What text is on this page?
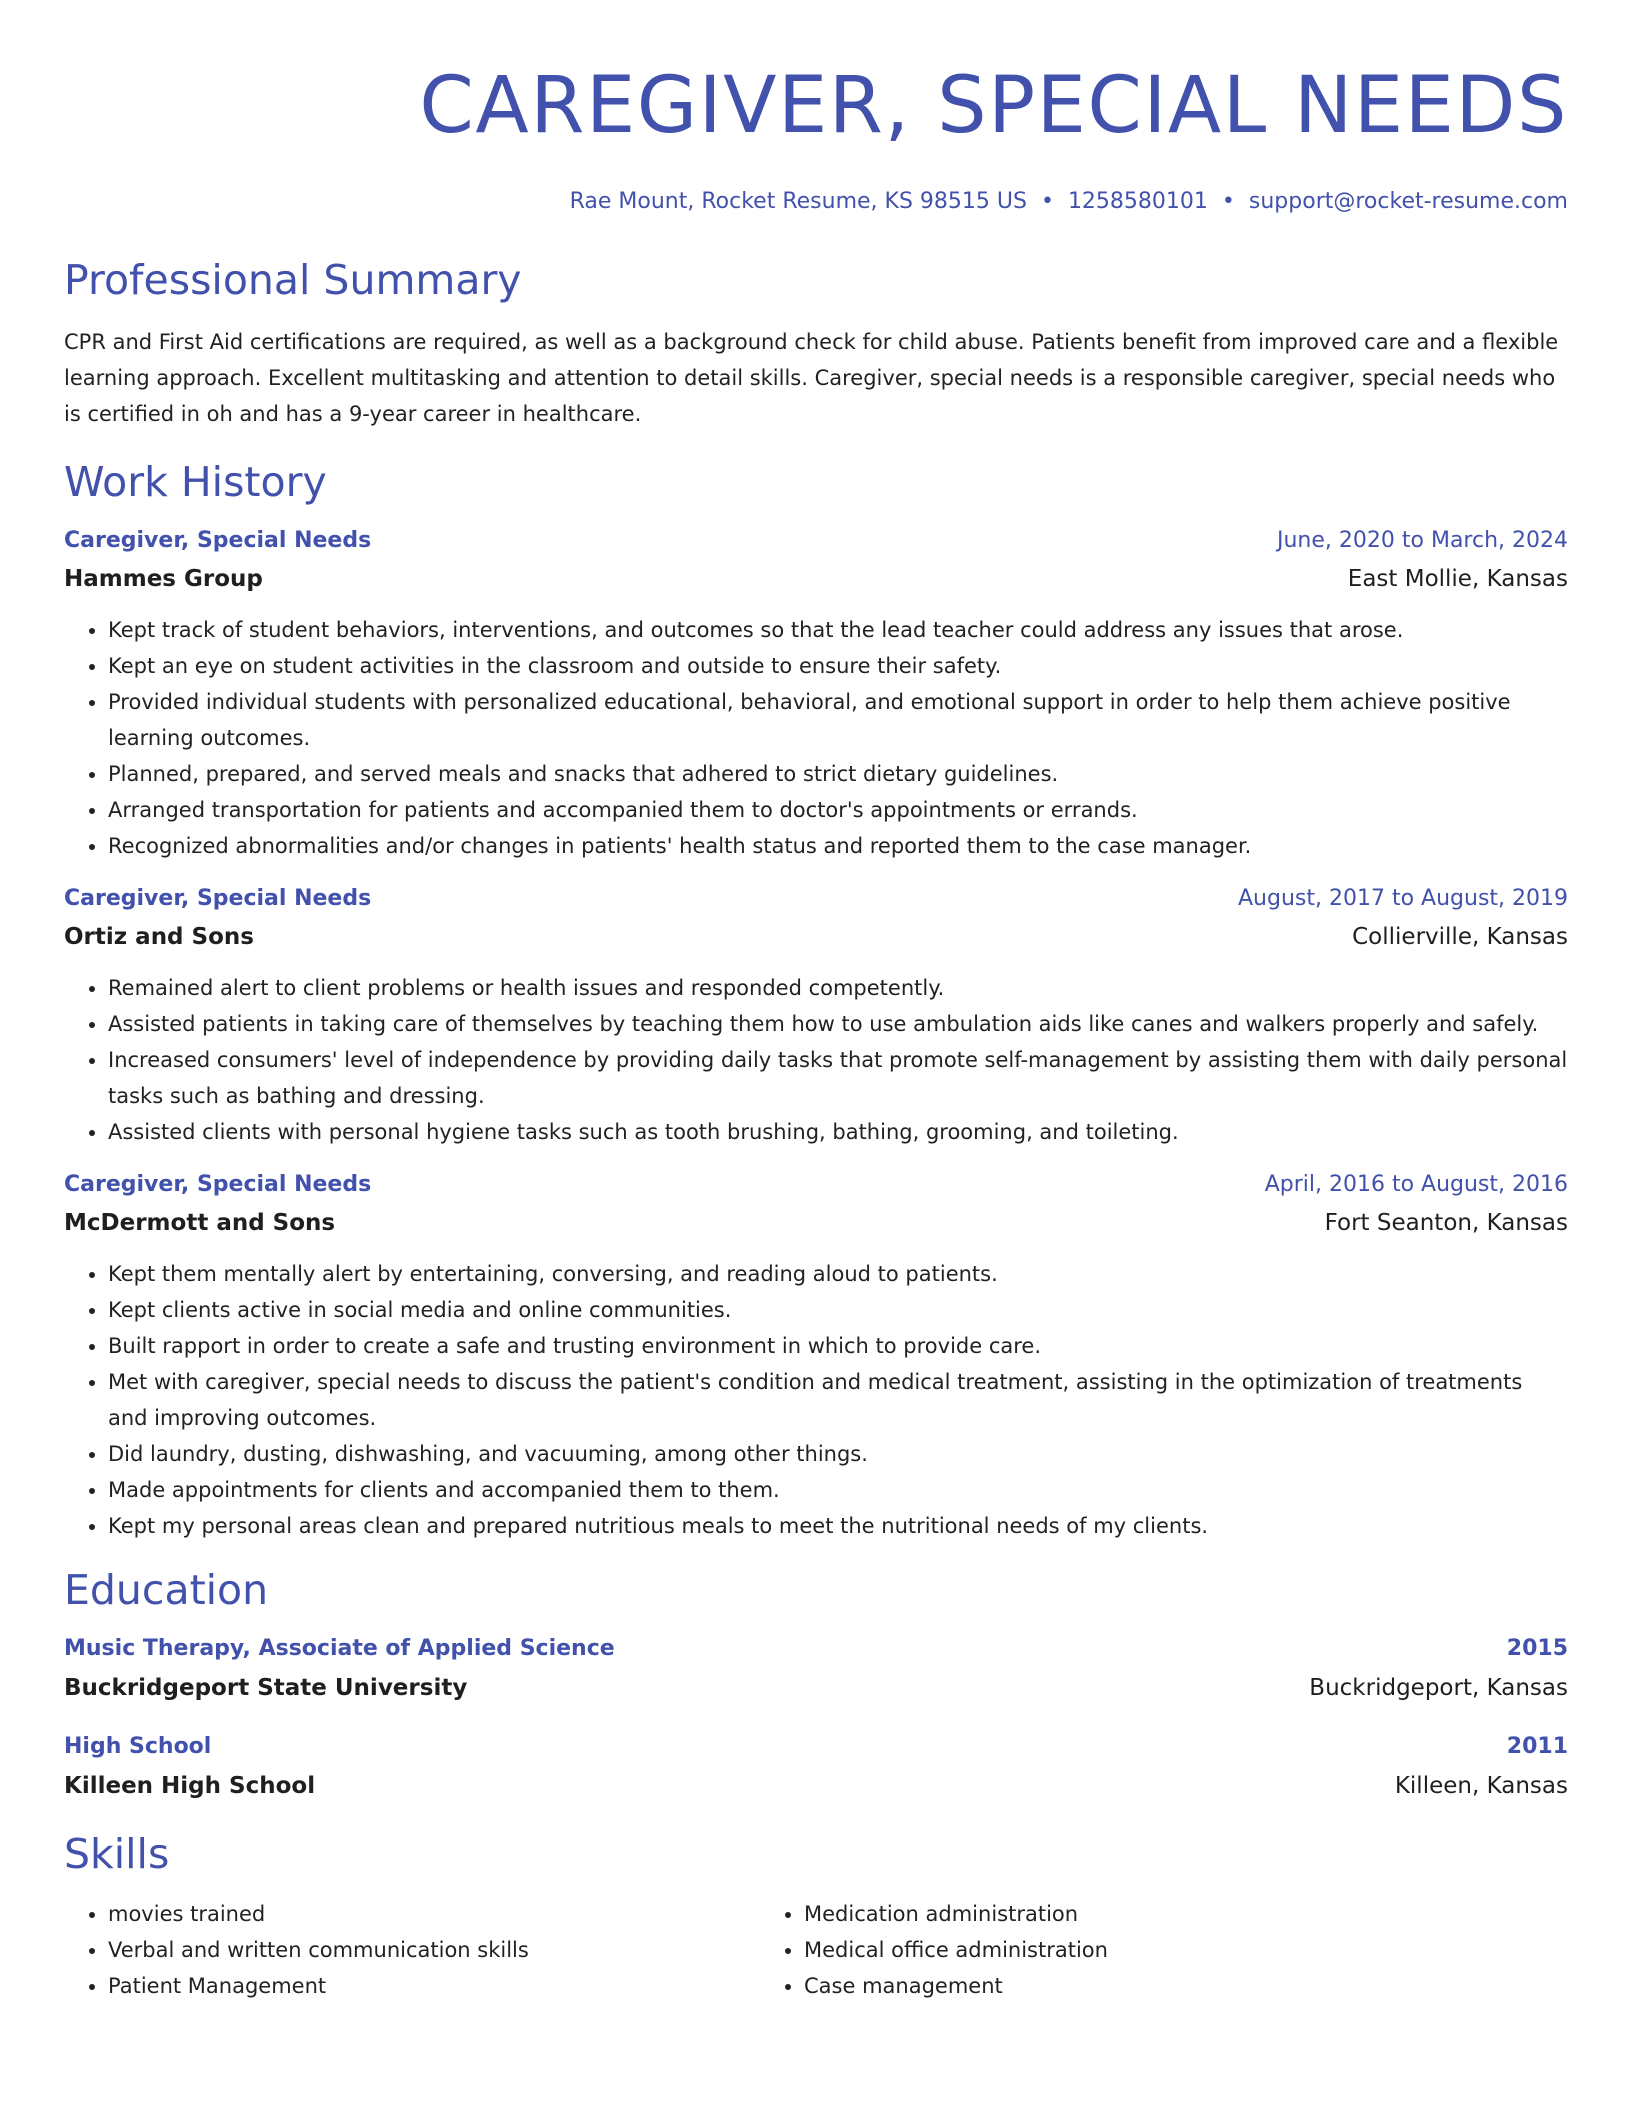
CAREGIVER, SPECIAL NEEDS
Rae Mount, Rocket Resume, KS 98515 US • 1258580101 • support@rocket-resume.com
Professional Summary
CPR and First Aid certifications are required, as well as a background check for child abuse. Patients benefit from improved care and a flexible learning approach. Excellent multitasking and attention to detail skills. Caregiver, special needs is a responsible caregiver, special needs who is certified in oh and has a 9-year career in healthcare.
Work History
Caregiver, Special Needs	June, 2020 to March, 2024
Hammes Group	East Mollie, Kansas
• Kept track of student behaviors, interventions, and outcomes so that the lead teacher could address any issues that arose.
• Kept an eye on student activities in the classroom and outside to ensure their safety.
• Provided individual students with personalized educational, behavioral, and emotional support in order to help them achieve positive learning outcomes.
• Planned, prepared, and served meals and snacks that adhered to strict dietary guidelines.
• Arranged transportation for patients and accompanied them to doctor's appointments or errands.
• Recognized abnormalities and/or changes in patients' health status and reported them to the case manager.
Caregiver, Special Needs	August, 2017 to August, 2019
Ortiz and Sons	Collierville, Kansas
• Remained alert to client problems or health issues and responded competently.
• Assisted patients in taking care of themselves by teaching them how to use ambulation aids like canes and walkers properly and safely.
• Increased consumers' level of independence by providing daily tasks that promote self-management by assisting them with daily personal tasks such as bathing and dressing.
• Assisted clients with personal hygiene tasks such as tooth brushing, bathing, grooming, and toileting.
Caregiver, Special Needs	April, 2016 to August, 2016
McDermott and Sons	Fort Seanton, Kansas
• Kept them mentally alert by entertaining, conversing, and reading aloud to patients.
• Kept clients active in social media and online communities.
• Built rapport in order to create a safe and trusting environment in which to provide care.
• Met with caregiver, special needs to discuss the patient's condition and medical treatment, assisting in the optimization of treatments and improving outcomes.
• Did laundry, dusting, dishwashing, and vacuuming, among other things.
• Made appointments for clients and accompanied them to them.
• Kept my personal areas clean and prepared nutritious meals to meet the nutritional needs of my clients.
Education
Music Therapy, Associate of Applied Science	2015
Buckridgeport State University	Buckridgeport, Kansas
High School	2011
Killeen High School	Killeen, Kansas
Skills
• movies trained
• Verbal and written communication skills
• Patient Management
• Medication administration
• Medical office administration
• Case management
